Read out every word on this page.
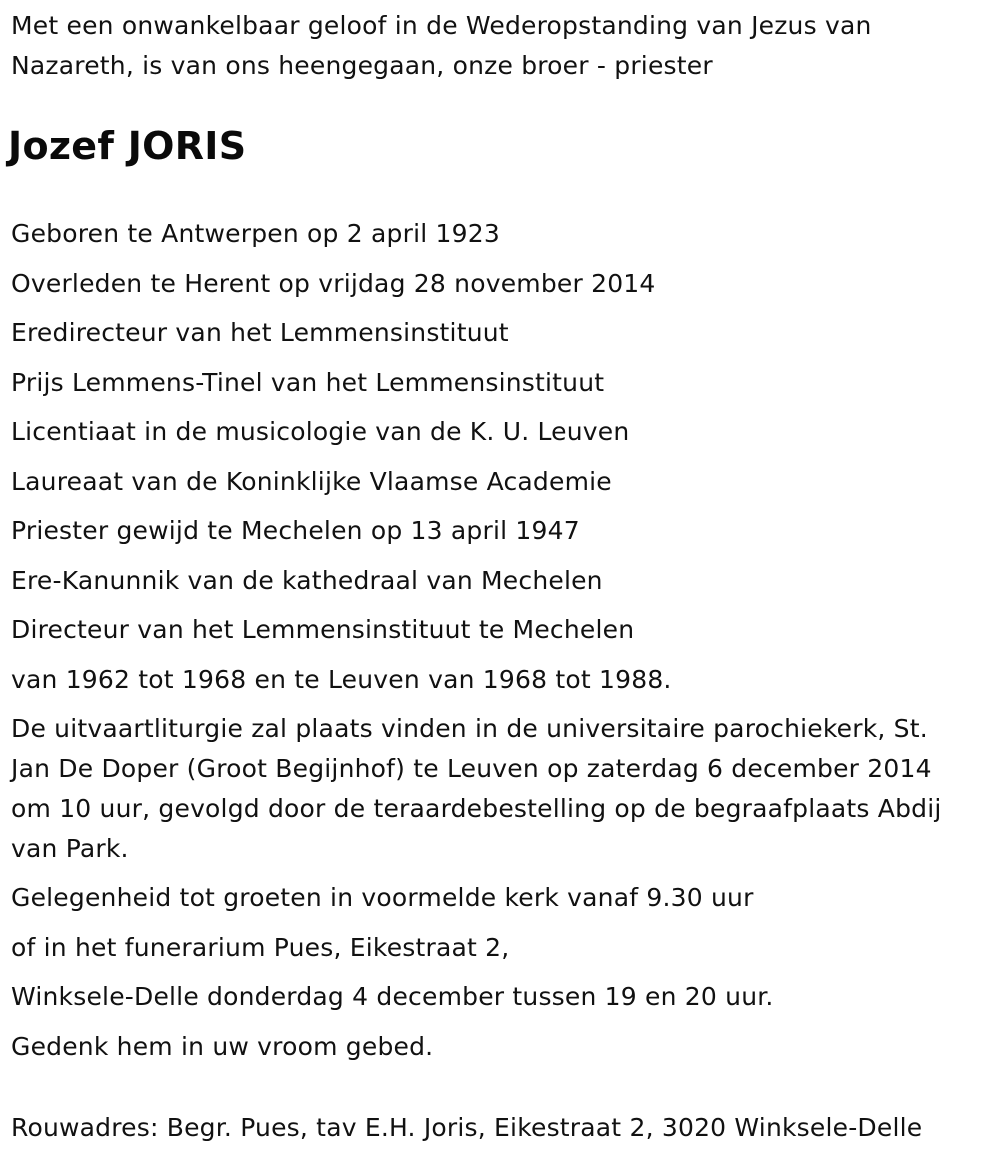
Met een onwankelbaar geloof in de Wederopstanding van Jezus van
Nazareth, is van ons heengegaan, onze broer - priester
Jozef JORIS
Geboren te Antwerpen op 2 april 1923
Overleden te Herent op vrijdag 28 november 2014
Eredirecteur van het Lemmensinstituut
Prijs Lemmens-Tinel van het Lemmensinstituut
Licentiaat in de musicologie van de K. U. Leuven
Laureaat van de Koninklijke Vlaamse Academie
Priester gewijd te Mechelen op 13 april 1947
Ere-Kanunnik van de kathedraal van Mechelen
Directeur van het Lemmensinstituut te Mechelen
van 1962 tot 1968 en te Leuven van 1968 tot 1988.
De uitvaartliturgie zal plaats vinden in de universitaire parochiekerk, St.
Jan De Doper (Groot Begijnhof) te Leuven op zaterdag 6 december 2014
om 10 uur, gevolgd door de teraardebestelling op de begraafplaats Abdij
van Park.
Gelegenheid tot groeten in voormelde kerk vanaf 9.30 uur
of in het funerarium Pues, Eikestraat 2,
Winksele-Delle donderdag 4 december tussen 19 en 20 uur.
Gedenk hem in uw vroom gebed.
Rouwadres: Begr. Pues, tav E.H. Joris, Eikestraat 2, 3020 Winksele-Delle
